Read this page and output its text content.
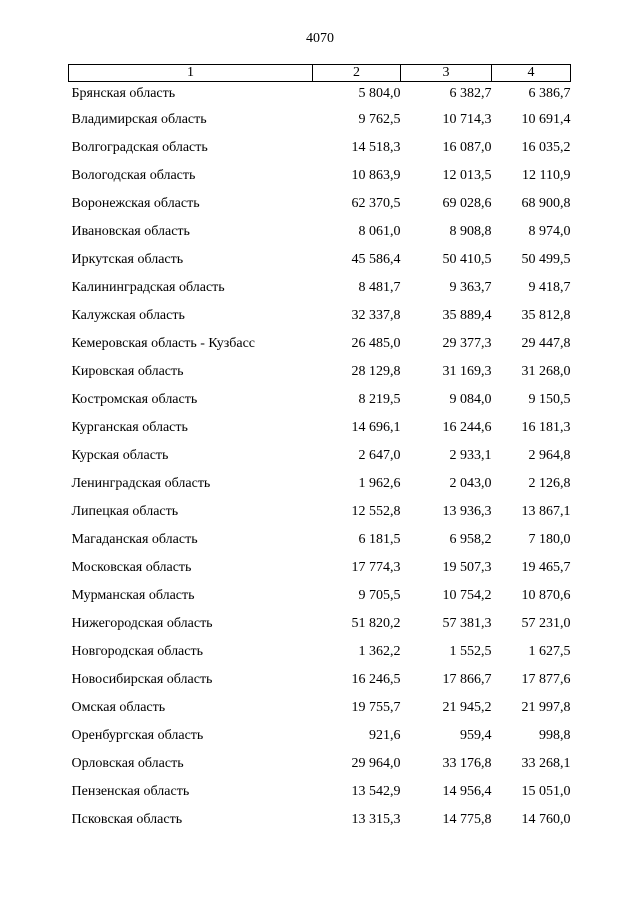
4070
1	2	3	4
Брянская область	5 804,0	6 382,7	6 386,7
Владимирская область	9 762,5	10 714,3	10 691,4
Волгоградская область	14 518,3	16 087,0	16 035,2
Вологодская область	10 863,9	12 013,5	12 110,9
Воронежская область	62 370,5	69 028,6	68 900,8
Ивановская область	8 061,0	8 908,8	8 974,0
Иркутская область	45 586,4	50 410,5	50 499,5
Калининградская область	8 481,7	9 363,7	9 418,7
Калужская область	32 337,8	35 889,4	35 812,8
Кемеровская область - Кузбасс	26 485,0	29 377,3	29 447,8
Кировская область	28 129,8	31 169,3	31 268,0
Костромская область	8 219,5	9 084,0	9 150,5
Курганская область	14 696,1	16 244,6	16 181,3
Курская область	2 647,0	2 933,1	2 964,8
Ленинградская область	1 962,6	2 043,0	2 126,8
Липецкая область	12 552,8	13 936,3	13 867,1
Магаданская область	6 181,5	6 958,2	7 180,0
Московская область	17 774,3	19 507,3	19 465,7
Мурманская область	9 705,5	10 754,2	10 870,6
Нижегородская область	51 820,2	57 381,3	57 231,0
Новгородская область	1 362,2	1 552,5	1 627,5
Новосибирская область	16 246,5	17 866,7	17 877,6
Омская область	19 755,7	21 945,2	21 997,8
Оренбургская область	921,6	959,4	998,8
Орловская область	29 964,0	33 176,8	33 268,1
Пензенская область	13 542,9	14 956,4	15 051,0
Псковская область	13 315,3	14 775,8	14 760,0
